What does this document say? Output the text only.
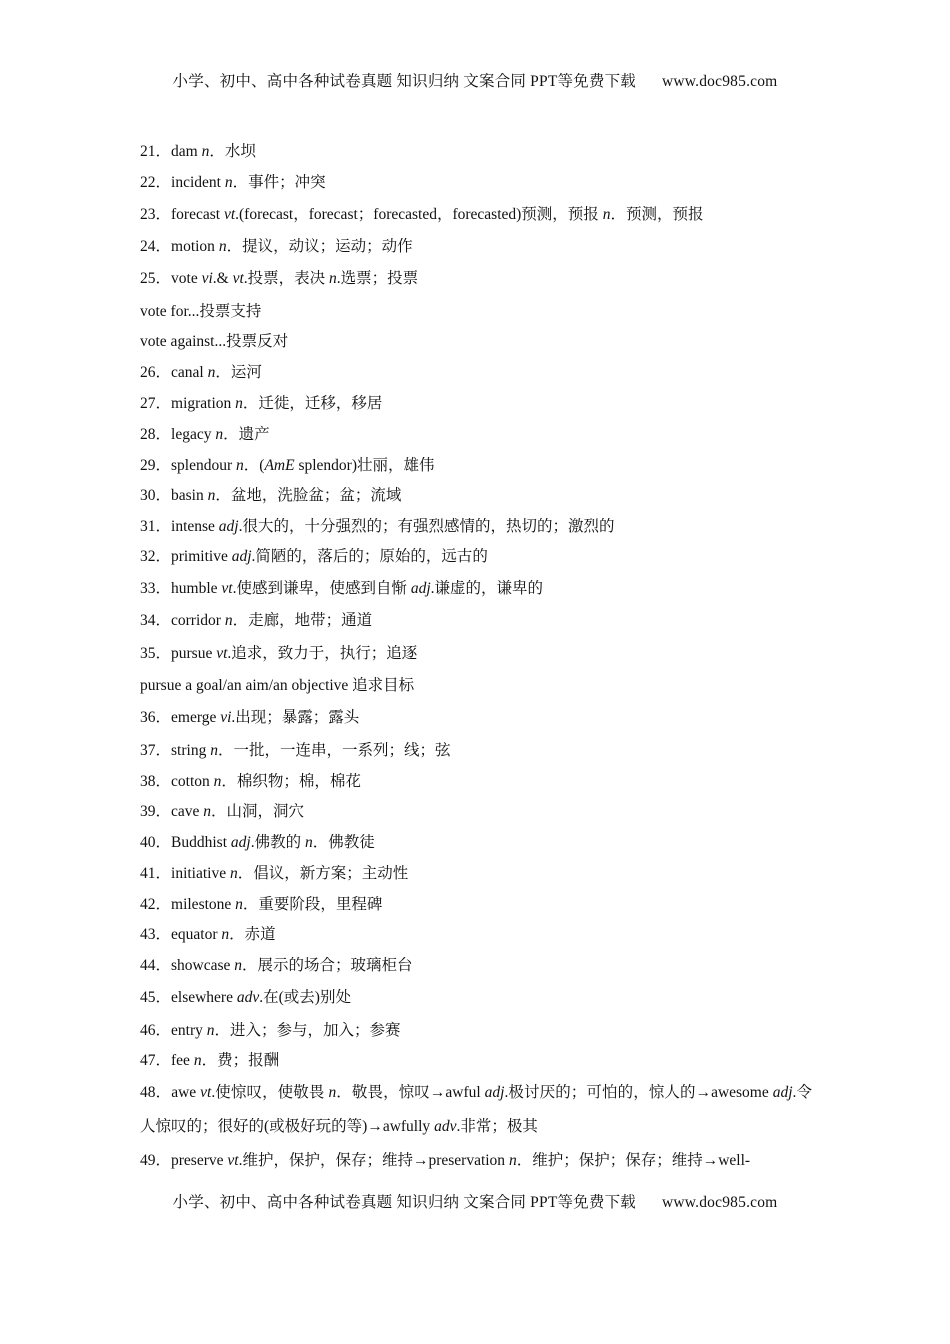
小学、初中、高中各种试卷真题 知识归纳 文案合同 PPT等免费下载 www.doc985.com
21．dam n．水坝
22．incident n．事件；冲突
23．forecast vt.(forecast，forecast；forecasted，forecasted)预测，预报 n．预测，预报
24．motion n．提议，动议；运动；动作
25．vote vi.& vt.投票，表决 n.选票；投票
vote for...投票支持
vote against...投票反对
26．canal n．运河
27．migration n．迁徙，迁移，移居
28．legacy n．遗产
29．splendour n．(AmE splendor)壮丽，雄伟
30．basin n．盆地，洗脸盆；盆；流域
31．intense adj.很大的，十分强烈的；有强烈感情的，热切的；激烈的
32．primitive adj.简陋的，落后的；原始的，远古的
33．humble vt.使感到谦卑，使感到自惭 adj.谦虚的，谦卑的
34．corridor n．走廊，地带；通道
35．pursue vt.追求，致力于，执行；追逐
pursue a goal/an aim/an objective 追求目标
36．emerge vi.出现；暴露；露头
37．string n．一批，一连串，一系列；线；弦
38．cotton n．棉织物；棉，棉花
39．cave n．山洞，洞穴
40．Buddhist adj.佛教的 n．佛教徒
41．initiative n．倡议，新方案；主动性
42．milestone n．重要阶段，里程碑
43．equator n．赤道
44．showcase n．展示的场合；玻璃柜台
45．elsewhere adv.在(或去)别处
46．entry n．进入；参与，加入；参赛
47．fee n．费；报酬
48．awe vt.使惊叹，使敬畏 n．敬畏，惊叹→awful adj.极讨厌的；可怕的，惊人的→awesome adj.令人惊叹的；很好的(或极好玩的等)→awfully adv.非常；极其
49．preserve vt.维护，保护，保存；维持→preservation n．维护；保护；保存；维持→well-
小学、初中、高中各种试卷真题 知识归纳 文案合同 PPT等免费下载 www.doc985.com
